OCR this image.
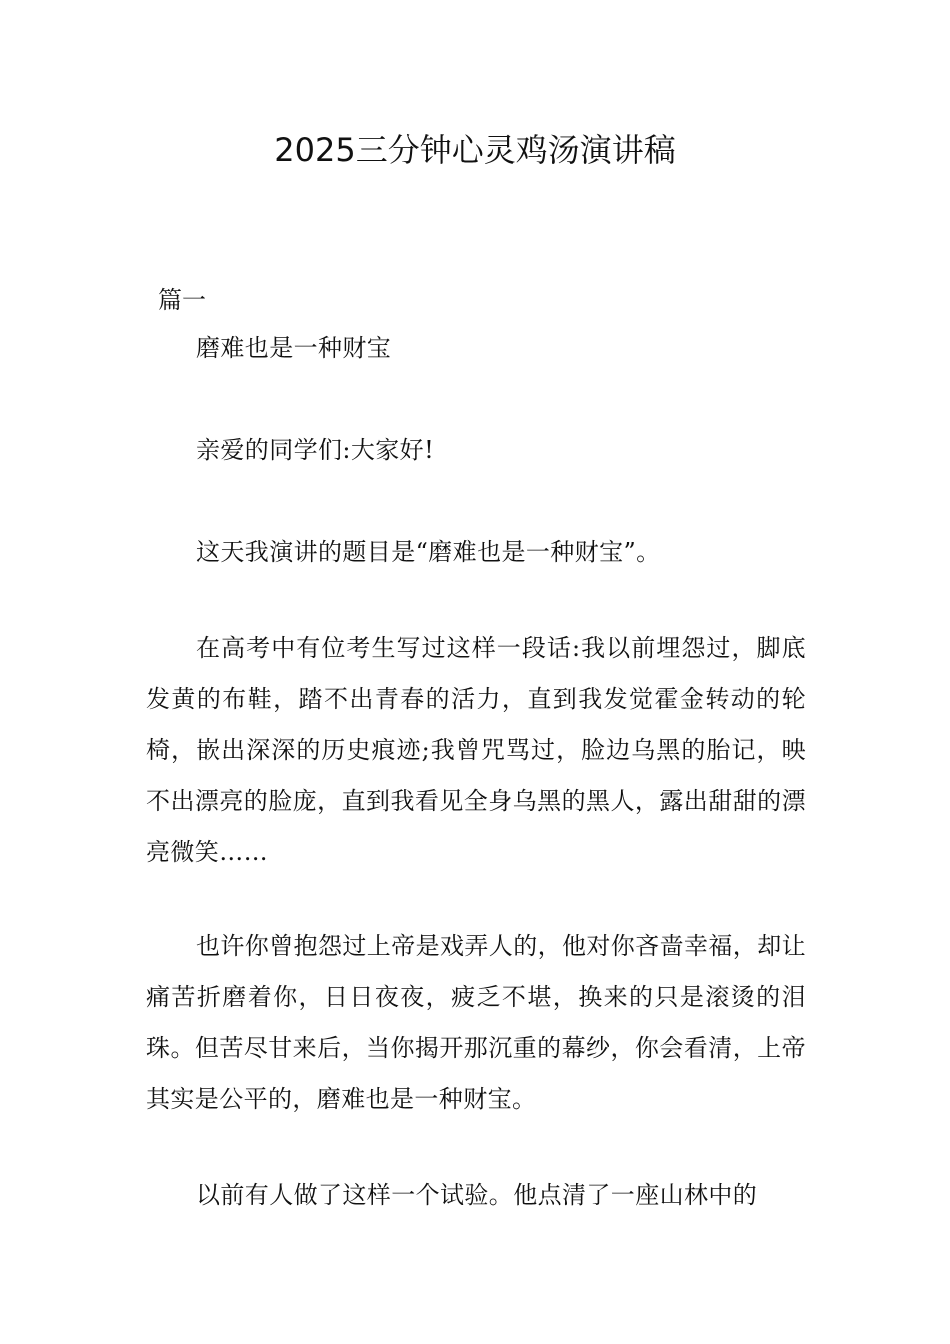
2025三分钟心灵鸡汤演讲稿

篇一

磨难也是一种财宝

亲爱的同学们:大家好!

这天我演讲的题目是“磨难也是一种财宝”。

在高考中有位考生写过这样一段话:我以前埋怨过，脚底发黄的布鞋，踏不出青春的活力，直到我发觉霍金转动的轮椅，嵌出深深的历史痕迹;我曾咒骂过，脸边乌黑的胎记，映不出漂亮的脸庞，直到我看见全身乌黑的黑人，露出甜甜的漂亮微笑……

也许你曾抱怨过上帝是戏弄人的，他对你吝啬幸福，却让痛苦折磨着你，日日夜夜，疲乏不堪，换来的只是滚烫的泪珠。但苦尽甘来后，当你揭开那沉重的幕纱，你会看清，上帝其实是公平的，磨难也是一种财宝。

以前有人做了这样一个试验。他点清了一座山林中的
